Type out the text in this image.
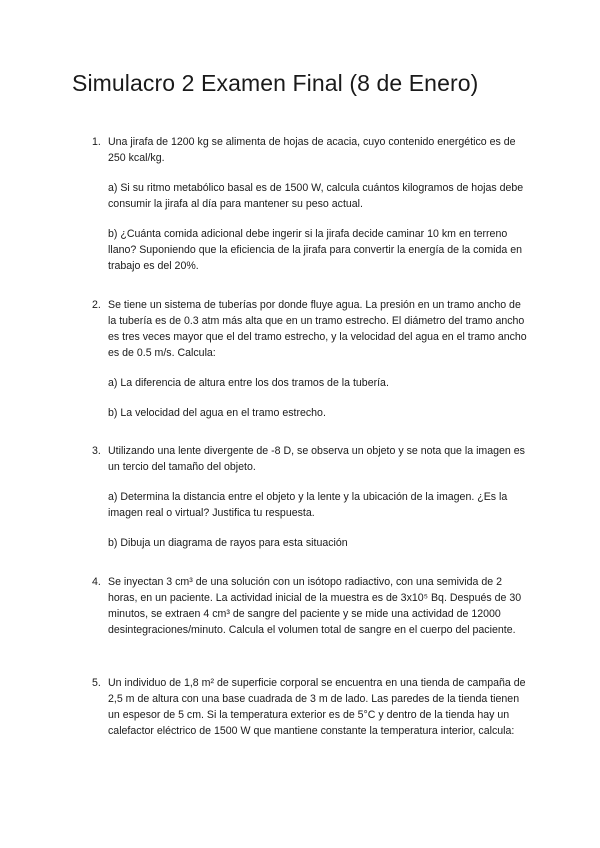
Simulacro 2 Examen Final (8 de Enero)
1. Una jirafa de 1200 kg se alimenta de hojas de acacia, cuyo contenido energético es de 250 kcal/kg.

a) Si su ritmo metabólico basal es de 1500 W, calcula cuántos kilogramos de hojas debe consumir la jirafa al día para mantener su peso actual.

b) ¿Cuánta comida adicional debe ingerir si la jirafa decide caminar 10 km en terreno llano? Suponiendo que la eficiencia de la jirafa para convertir la energía de la comida en trabajo es del 20%.

2. Se tiene un sistema de tuberías por donde fluye agua. La presión en un tramo ancho de la tubería es de 0.3 atm más alta que en un tramo estrecho. El diámetro del tramo ancho es tres veces mayor que el del tramo estrecho, y la velocidad del agua en el tramo ancho es de 0.5 m/s. Calcula:

a) La diferencia de altura entre los dos tramos de la tubería.

b) La velocidad del agua en el tramo estrecho.

3. Utilizando una lente divergente de -8 D, se observa un objeto y se nota que la imagen es un tercio del tamaño del objeto.

a) Determina la distancia entre el objeto y la lente y la ubicación de la imagen. ¿Es la imagen real o virtual? Justifica tu respuesta.

b) Dibuja un diagrama de rayos para esta situación

4. Se inyectan 3 cm³ de una solución con un isótopo radiactivo, con una semivida de 2 horas, en un paciente. La actividad inicial de la muestra es de 3x10⁵ Bq. Después de 30 minutos, se extraen 4 cm³ de sangre del paciente y se mide una actividad de 12000 desintegraciones/minuto. Calcula el volumen total de sangre en el cuerpo del paciente.

5. Un individuo de 1,8 m² de superficie corporal se encuentra en una tienda de campaña de 2,5 m de altura con una base cuadrada de 3 m de lado. Las paredes de la tienda tienen un espesor de 5 cm. Si la temperatura exterior es de 5°C y dentro de la tienda hay un calefactor eléctrico de 1500 W que mantiene constante la temperatura interior, calcula:
